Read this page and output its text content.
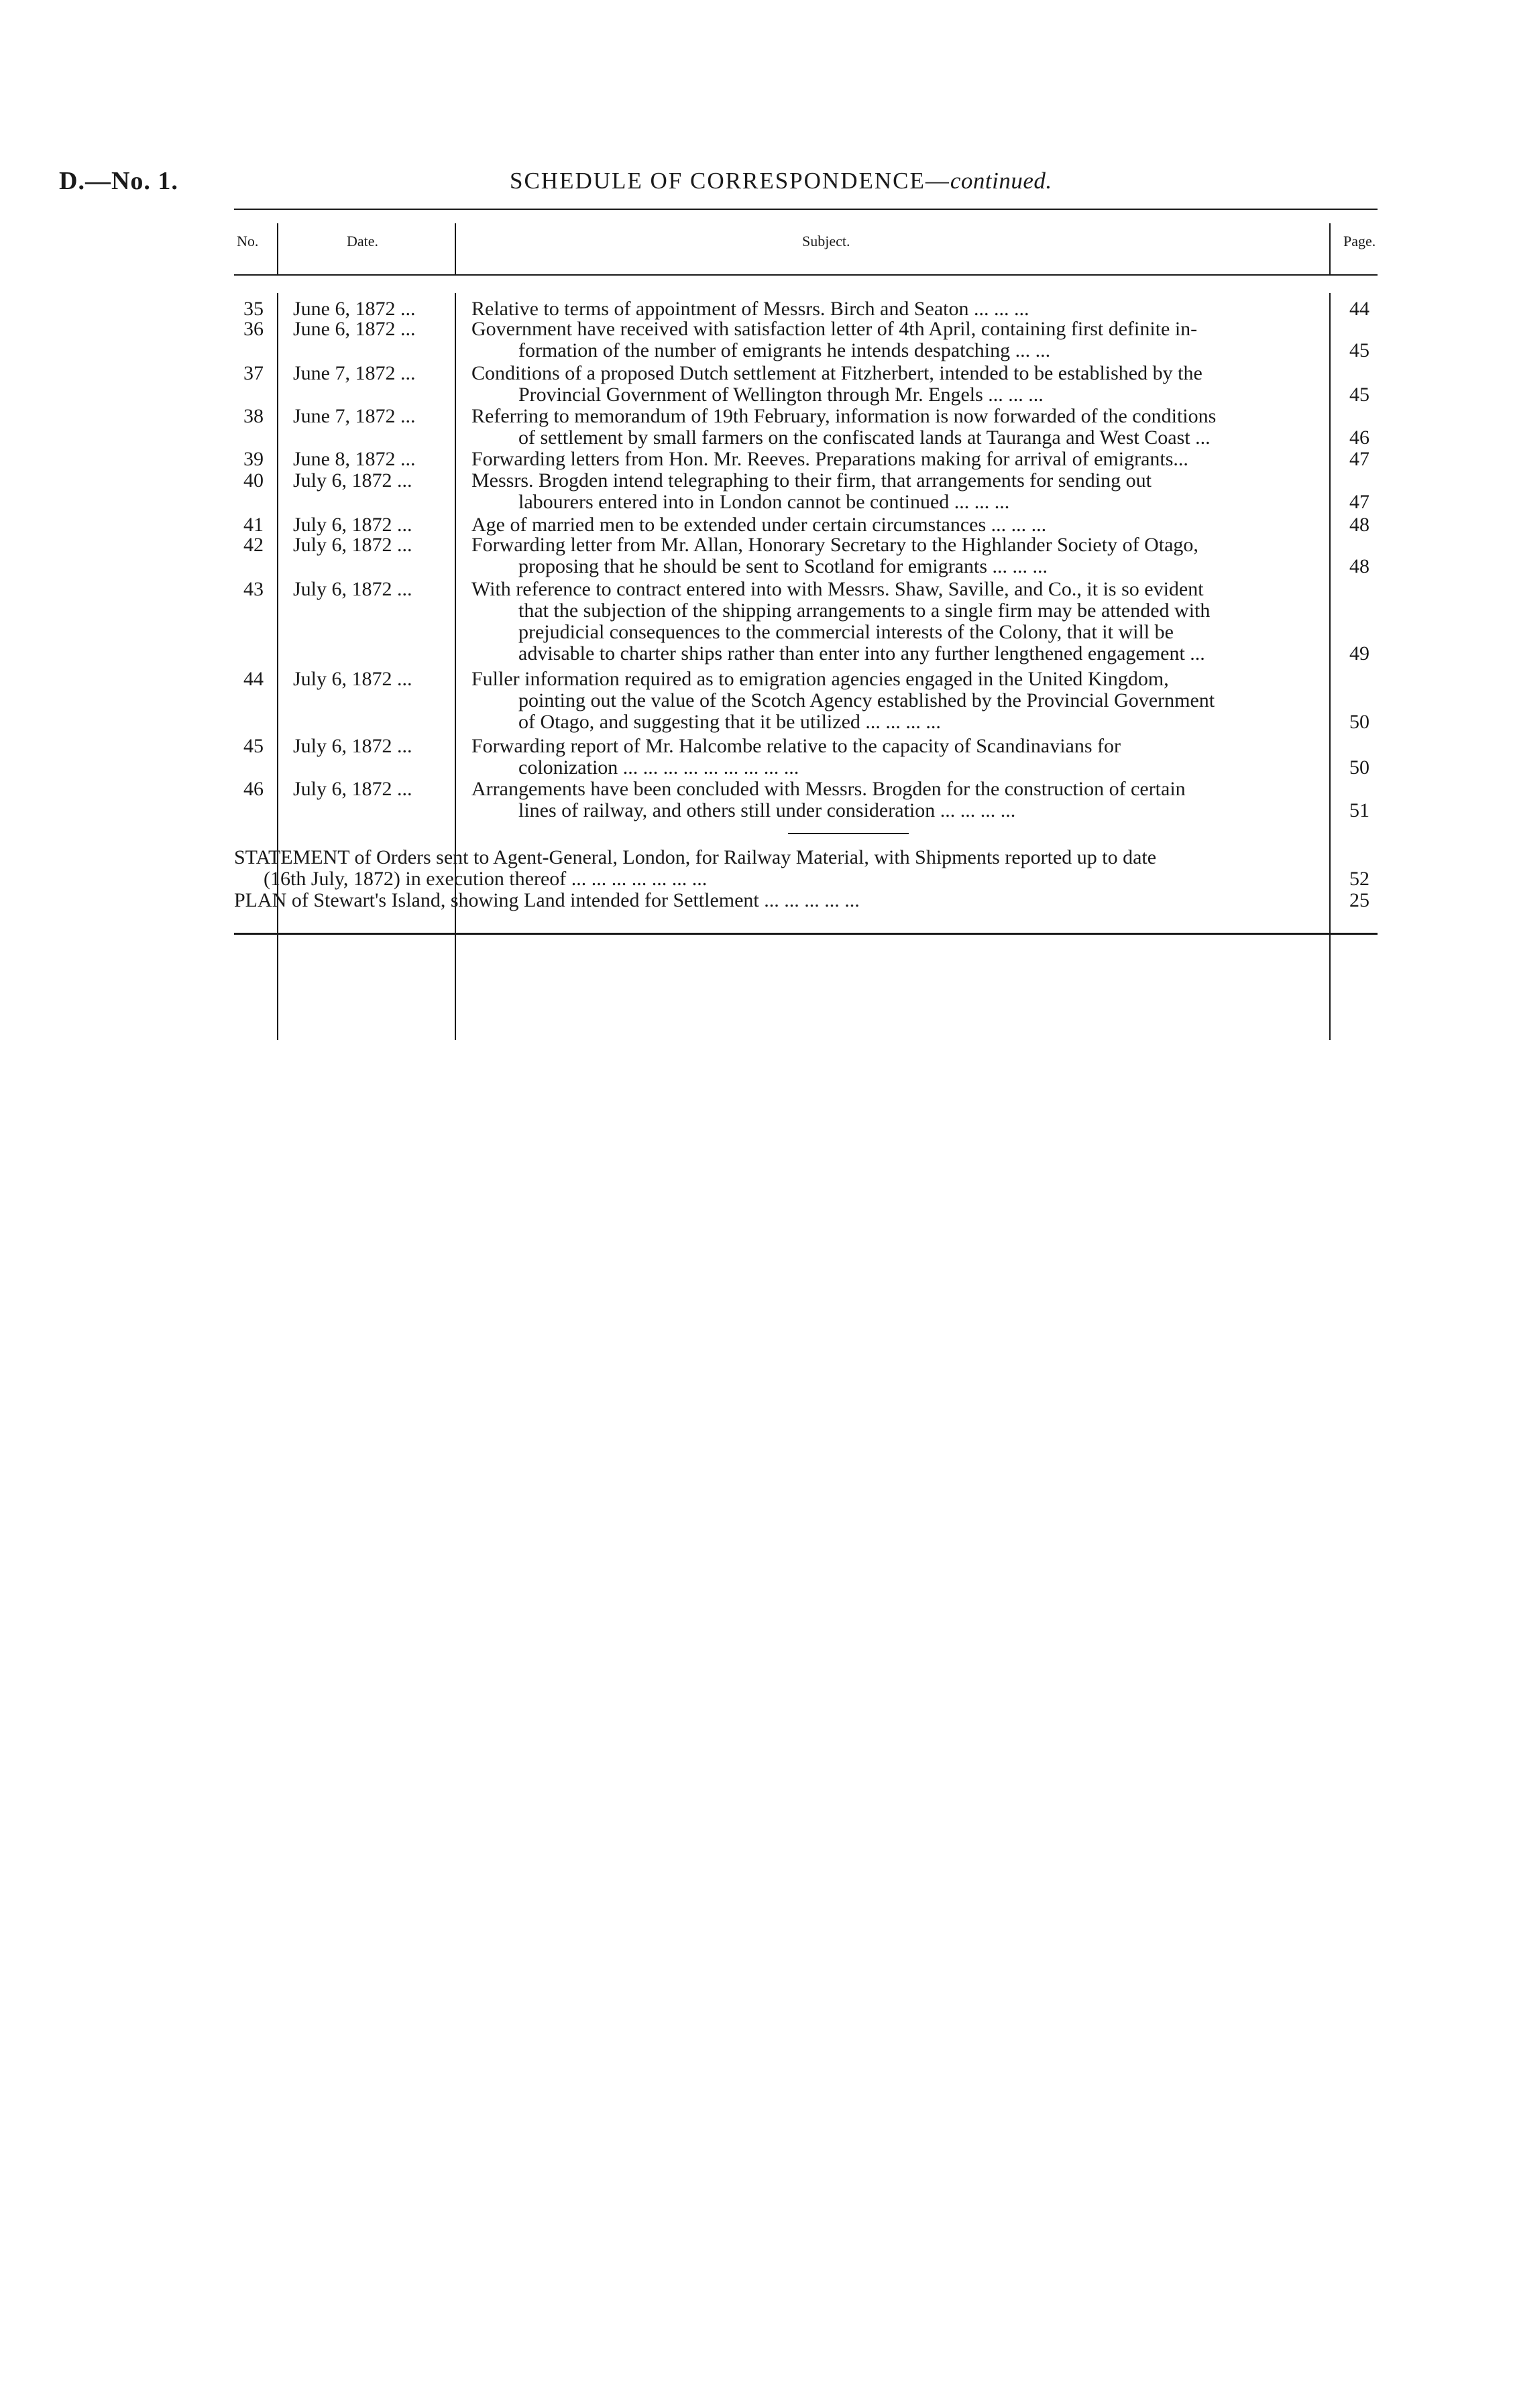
D.—No. 1.	SCHEDULE OF CORRESPONDENCE—continued.
No.	Date.	Subject.	Page.
35	June 6, 1872 ...	Relative to terms of appointment of Messrs. Birch and Seaton ... ... ...	44
36	June 6, 1872 ...	Government have received with satisfaction letter of 4th April, containing first definite in-
formation of the number of emigrants he intends despatching ... ...	45
37	June 7, 1872 ...	Conditions of a proposed Dutch settlement at Fitzherbert, intended to be established by the
Provincial Government of Wellington through Mr. Engels ... ... ...	45
38	June 7, 1872 ...	Referring to memorandum of 19th February, information is now forwarded of the conditions
of settlement by small farmers on the confiscated lands at Tauranga and West Coast ...	46
39	June 8, 1872 ...	Forwarding letters from Hon. Mr. Reeves. Preparations making for arrival of emigrants...	47
40	July 6, 1872 ...	Messrs. Brogden intend telegraphing to their firm, that arrangements for sending out
labourers entered into in London cannot be continued ... ... ...	47
41	July 6, 1872 ...	Age of married men to be extended under certain circumstances ... ... ...	48
42	July 6, 1872 ...	Forwarding letter from Mr. Allan, Honorary Secretary to the Highlander Society of Otago,
proposing that he should be sent to Scotland for emigrants ... ... ...	48
43	July 6, 1872 ...	With reference to contract entered into with Messrs. Shaw, Saville, and Co., it is so evident
that the subjection of the shipping arrangements to a single firm may be attended with
prejudicial consequences to the commercial interests of the Colony, that it will be
advisable to charter ships rather than enter into any further lengthened engagement ...	49
44	July 6, 1872 ...	Fuller information required as to emigration agencies engaged in the United Kingdom,
pointing out the value of the Scotch Agency established by the Provincial Government
of Otago, and suggesting that it be utilized ... ... ... ...	50
45	July 6, 1872 ...	Forwarding report of Mr. Halcombe relative to the capacity of Scandinavians for
colonization ... ... ... ... ... ... ... ... ...	50
46	July 6, 1872 ...	Arrangements have been concluded with Messrs. Brogden for the construction of certain
lines of railway, and others still under consideration ... ... ... ...	51
STATEMENT of Orders sent to Agent-General, London, for Railway Material, with Shipments reported up to date
(16th July, 1872) in execution thereof ... ... ... ... ... ... ...	52
PLAN of Stewart's Island, showing Land intended for Settlement ... ... ... ... ...	25
